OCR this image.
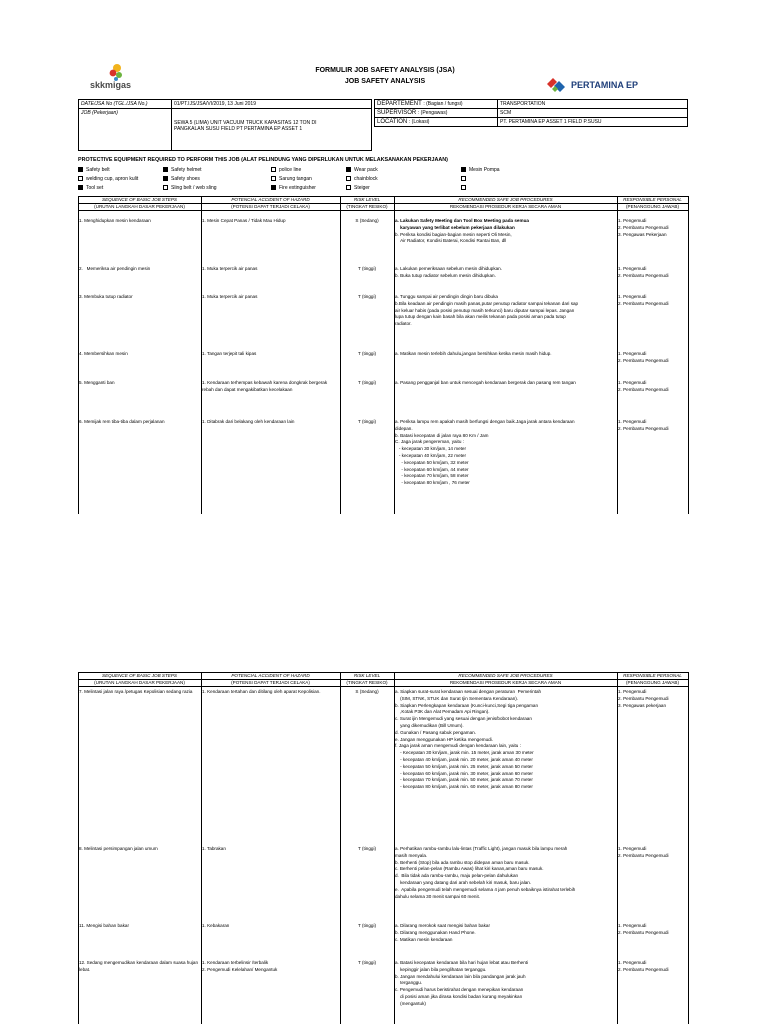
skkmigas
FORMULIR JOB SAFETY ANALYSIS (JSA)
JOB SAFETY ANALYSIS	PERTAMINA EP
DATE/JSA No (TGL./JSA No.)	01/PT.IJS/JSA/VI/2019, 13 Juni 2019
JOB (Pekerjaan)	SEWA 5 (LIMA) UNIT VACUUM TRUCK KAPASITAS 12 TON DI PANGKALAN SUSU FIELD PT PERTAMINA EP ASSET 1
DEPARTEMENT : (Bagian / fungsi)	TRANSPORTATION
SUPERVISOR : (Pengawas)	SCM
LOCATION : (Lokasi)	PT. PERTAMINA EP ASSET 1 FIELD P.SUSU
PROTECTIVE EQUIPMENT REQUIRED TO PERFORM THIS JOB (ALAT PELINDUNG YANG DIPERLUKAN UNTUK MELAKSANAKAN PEKERJAAN)
SEQUENCE OF BASIC JOB STEPS
(URUTAN LANGKAH DASAR PEKERJAAN)
POTENCIAL ACCIDENT OF HAZARD
(POTENSI DAPAT TERJADI CELAKA)
RISK LEVEL
(TINGKAT RESIKO)
RECOMMENDED SAFE JOB PROCEDURES
REKOMENDASI PROSEDUR KERJA SECARA AMAN
RESPONSIBLE PERSONAL
(PENANGGUNG JAWAB)
1. Menghidupkan mesin kendaraan	1. Mesin Cepat Panas / Tidak Mau Hidup	S (Sedang)	a. Lakukan Safety Meeting dan Tool Box Meeting pada semua
karyawan yang terlibat sebelum pekerjaan dilakukan
b. Periksa kondisi bagian-bagian mesin seperti Oli Mesin,
Air Radiator, Kondisi Baterai, Kondisi Rantai Ban, dll
1. Pengemudi
2. Pembantu Pengemudi
3. Pengawas Pekerjaan
2.   Memeriksa air pendingin mesin	1. Muka terpercik air panas	T (tinggi)	a. Lakukan pemeriksaan sebelum mesin dihidupkan.
b. Buka tutup radiator sebelum mesin dihidupkan.
1. Pengemudi
2. Pembantu Pengemudi
3. Membuka tutup radiator	1. Muka terpercik air panas	T (tinggi)	a. Tunggu sampai air pendingin dingin baru dibuka
b.Bila keadaan air pendingin masih panas,putar penutup radiator sampai tekanan dari sap
air keluar habis (pada posisi penutup masih terkunci) baru diputar sampai lepas. Jangan
lupa tutup dengan kain basah bila akan meilis tekanan pada posisi aman pada tutup
radiator.
1. Pengemudi
2. Pembantu Pengemudi
4. Membersihkan mesin	1. Tangan terjepit tali kipas	T (tinggi)	a. Matikan mesin terlebih dahulu,jangan bersihkan ketika mesin masih hidup.	1. Pengemudi
2. Pembantu Pengemudi
5. Mengganti ban	1. Kendaraan terhempas kebawah karena dongkrak bergerak rebah dan dapat mengakibatkan kecelakaan
T (tinggi)	a. Pasang pengganjal ban untuk mencegah kendaraan bergerak dan pasang rem tangan	1. Pengemudi
2. Pembantu Pengemudi
6. Memijak rem tiba-tiba dalam perjalanan	1. Ditabrak dari belakang oleh kendaraan lain	T (tinggi)	a. Periksa lampu rem apakah masih berfungsi dengan baik.Jaga jarak antara kendaraan
didepan.
b. Batasi kecepatan di jalan raya 80 Km / Jam
C. Jaga jarak pengereman, yaitu :
- kecepatan 30 km/jam, 14 meter
- kecepatan 40 km/jam, 22 meter
- kecepatan 50 km/jam, 32 meter
- kecepatan 60 km/jam, 44 meter
- kecepatan 70 km/jam, 58 meter
- kecepatan 80 km/jam , 76 meter
1. Pengemudi
2. Pembantu Pengemudi
SEQUENCE OF BASIC JOB STEPS
(URUTAN LANGKAH DASAR PEKERJAAN)
POTENCIAL ACCIDENT OF HAZARD
(POTENSI DAPAT TERJADI CELAKA)
RISK LEVEL
(TINGKAT RESIKO)
RECOMMENDED SAFE JOB PROCEDURES
REKOMENDASI PROSEDUR KERJA SECARA AMAN
RESPONSIBLE PERSONAL
(PENANGGUNG JAWAB)
7. Melintasi jalan raya /petugas Kepolisian sedang razia	1. Kendaraan tertahan dan ditilang oleh aparat Kepolisian.	S (Sedang)	a. Siapkan surat-surat kendaraan sesuai dengan peraturan  Pemerintah
(SIM, STNK, STUK dan Surat Ijin Sementara Kendaraan).
b. Siapkan Perlengkapan kendaraan (Kunci-kunci,Segi tiga pengaman
,Kotak P3K dan Alat Pemadam Api Ringan).
c. Surat ijin Mengemudi yang sesuai dengan jenis/bobot kendaraan
yang dikemudikan (Bill Umum).
d. Gunakan / Pasang sabuk pengaman.
e. Jangan menggunakan HP ketika mengemudi.
f. Jaga jarak aman mengemudi dengan kendaraan lain, yaitu :
- Kecepatan 30 km/jam, jarak min. 15 meter, jarak aman 30 meter
- kecepatan 40 km/jam, jarak min. 20 meter, jarak aman 40 meter
- kecepatan 50 km/jam, jarak min. 25 meter, jarak aman 50 meter
- kecepatan 60 km/jam, jarak min. 30 meter, jarak aman 60 meter
- kecepatan 70 km/jam, jarak min. 50 meter, jarak aman 70 meter
- kecepatan 80 km/jam, jarak min. 60 meter, jarak aman 80 meter
1. Pengemudi
2. Pembantu Pengemudi
3. Pengawas pekerjaan
8. Melintasi persimpangan jalan umum	1. Tabrakan	T (tinggi)	a. Perhatikan rambu-rambu lalu-lintas (Traffic Light), jangan masuk bila lampu merah
masih menyala.
b. Berhenti (Stop) bila ada rambu stop didepan aman baru masuk.
c. Berhenti pelan-pelan (Rambu Awas) lihat kiri kanan,aman baru masuk.
d.  Bila tidak ada rambu-rambu, maju pelan-pelan dahulukan
kendaraan yang datang dari arah sebelah kiri masuk, baru jalan.
e.  Apabila pengemudi telah mengemudi selama 4 jam penuh sebaiknya istirahat terlebih
dahulu selama 30 menit sampai 60 menit.
1. Pengemudi
2. Pembantu Pengemudi
11. Mengisi bahan bakar	1. Kebakaran	T (tinggi)	a. Dilarang merokok saat mengisi bahan bakar
b. Dilarang menggunakan Hand Phone.
c. Matikan mesin kendaraan
1. Pengemudi
2. Pembantu Pengemudi
12. Sedang mengemudikan kendaraan dalam suasa hujan lebat.
1. Kendaraan terbelinsir /terbalik
2. Pengemudi Kelelahan/ Mengantuk
T (tinggi)	a. Batasi kecepatan kendaraan bila hari hujan lebat atau Berhenti
kepinggir jalan bila penglihatan terganggu.
b. Jangan mendahului kendaraan lain bila pandangan jarak jauh
terganggu.
c. Pengemudi harus beristirahat dengan menepikan kendaraan
di posisi aman jika dirasa kondisi badan kurang meyakinkan
(mengantuk)
1. Pengemudi
2. Pembantu Pengemudi
Safety belt	Safety helmet	police line	Wear pack	Mesin Pompa
welding cup, apron kulit	Safety shoes	Sarung tangan	chainblock
Tool set	Sling belt / web sling	Fire extinguisher	Steiger
